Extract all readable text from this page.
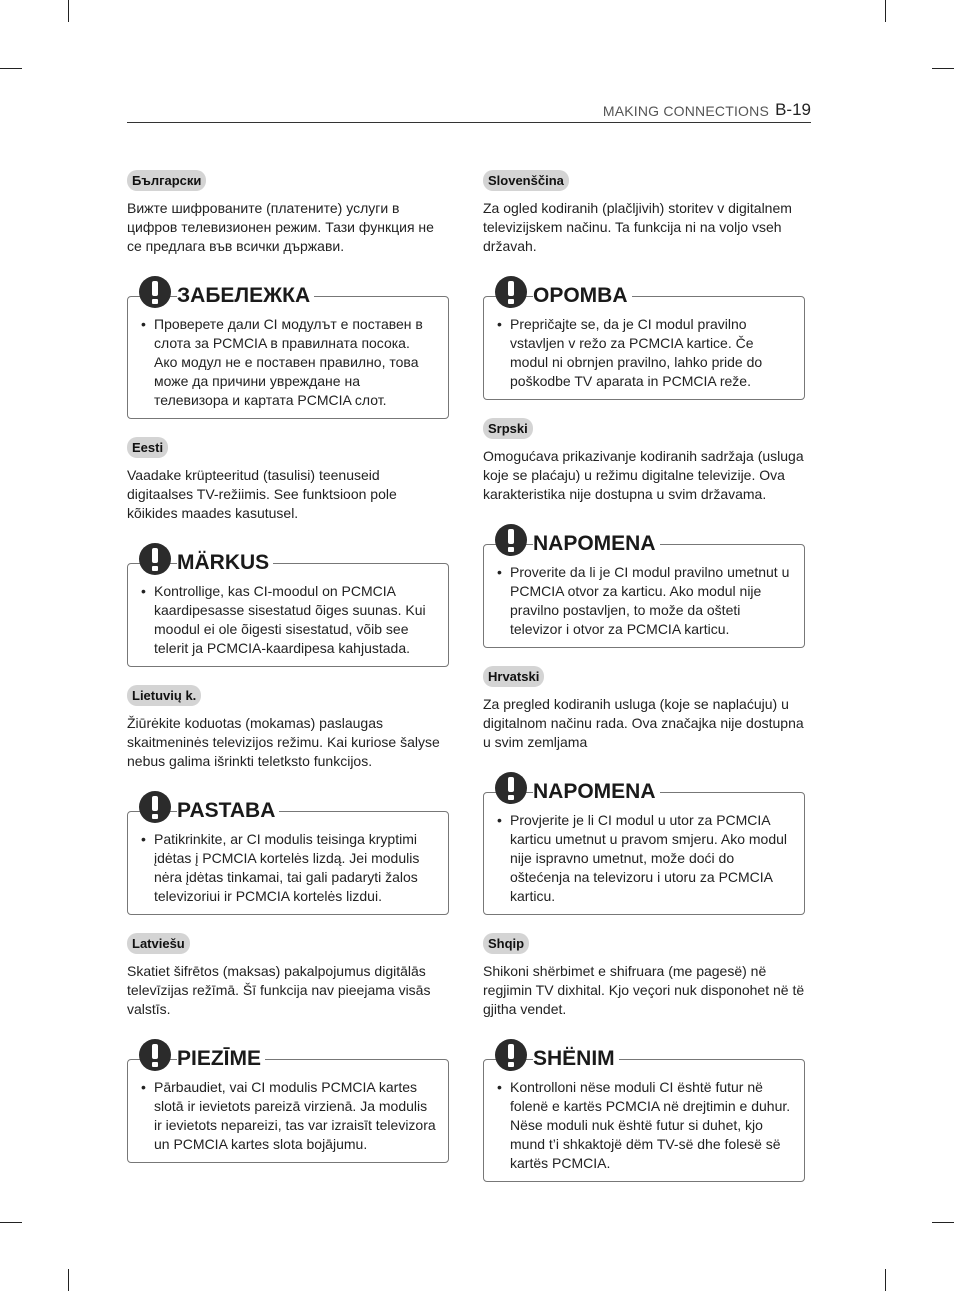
MAKING CONNECTIONS B-19
Български

Вижте шифрованите (платените) услуги в цифров телевизионен режим. Тази функция не се предлага във всички държави.

ЗАБЕЛЕЖКА
• Проверете дали CI модулът е поставен в слота за PCMCIA в правилната посока. Ако модул не е поставен правилно, това може да причини увреждане на телевизора и картата PCMCIA слот.
Eesti

Vaadake krüpteeritud (tasulisi) teenuseid digitaalses TV-režiimis. See funktsioon pole kõikides maades kasutusel.

MÄRKUS
• Kontrollige, kas CI-moodul on PCMCIA kaardipesasse sisestatud õiges suunas. Kui moodul ei ole õigesti sisestatud, võib see telerit ja PCMCIA-kaardipesa kahjustada.
Lietuvių k.

Žiūrėkite koduotas (mokamas) paslaugas skaitmeninės televizijos režimu. Kai kuriose šalyse nebus galima išrinkti teletksto funkcijos.

PASTABA
• Patikrinkite, ar CI modulis teisinga kryptimi įdėtas į PCMCIA kortelės lizdą. Jei modulis nėra įdėtas tinkamai, tai gali padaryti žalos televizoriui ir PCMCIA kortelės lizdui.
Latviešu

Skatiet šifrētos (maksas) pakalpojumus digitālās televīzijas režīmā. Šī funkcija nav pieejama visās valstīs.

PIEZĪME
• Pārbaudiet, vai CI modulis PCMCIA kartes slotā ir ievietots pareizā virzienā. Ja modulis ir ievietots nepareizi, tas var izraisīt televizora un PCMCIA kartes slota bojājumu.
Slovenščina

Za ogled kodiranih (plačljivih) storitev v digitalnem televizijskem načinu. Ta funkcija ni na voljo vseh državah.

OPOMBA
• Prepričajte se, da je CI modul pravilno vstavljen v režo za PCMCIA kartice. Če modul ni obrnjen pravilno, lahko pride do poškodbe TV aparata in PCMCIA reže.
Srpski

Omogućava prikazivanje kodiranih sadržaja (usluga koje se plaćaju) u režimu digitalne televizije. Ova karakteristika nije dostupna u svim državama.

NAPOMENA
• Proverite da li je CI modul pravilno umetnut u PCMCIA otvor za karticu. Ako modul nije pravilno postavljen, to može da ošteti televizor i otvor za PCMCIA karticu.
Hrvatski

Za pregled kodiranih usluga (koje se naplaćuju) u digitalnom načinu rada. Ova značajka nije dostupna u svim zemljama

NAPOMENA
• Provjerite je li CI modul u utor za PCMCIA karticu umetnut u pravom smjeru. Ako modul nije ispravno umetnut, može doći do oštećenja na televizoru i utoru za PCMCIA karticu.
Shqip

Shikoni shërbimet e shifruara (me pagesë) në regjimin TV dixhital. Kjo veçori nuk disponohet në të gjitha vendet.

SHËNIM
• Kontrolloni nëse moduli CI është futur në folenë e kartës PCMCIA në drejtimin e duhur. Nëse moduli nuk është futur si duhet, kjo mund t’i shkaktojë dëm TV-së dhe folesë së kartës PCMCIA.
